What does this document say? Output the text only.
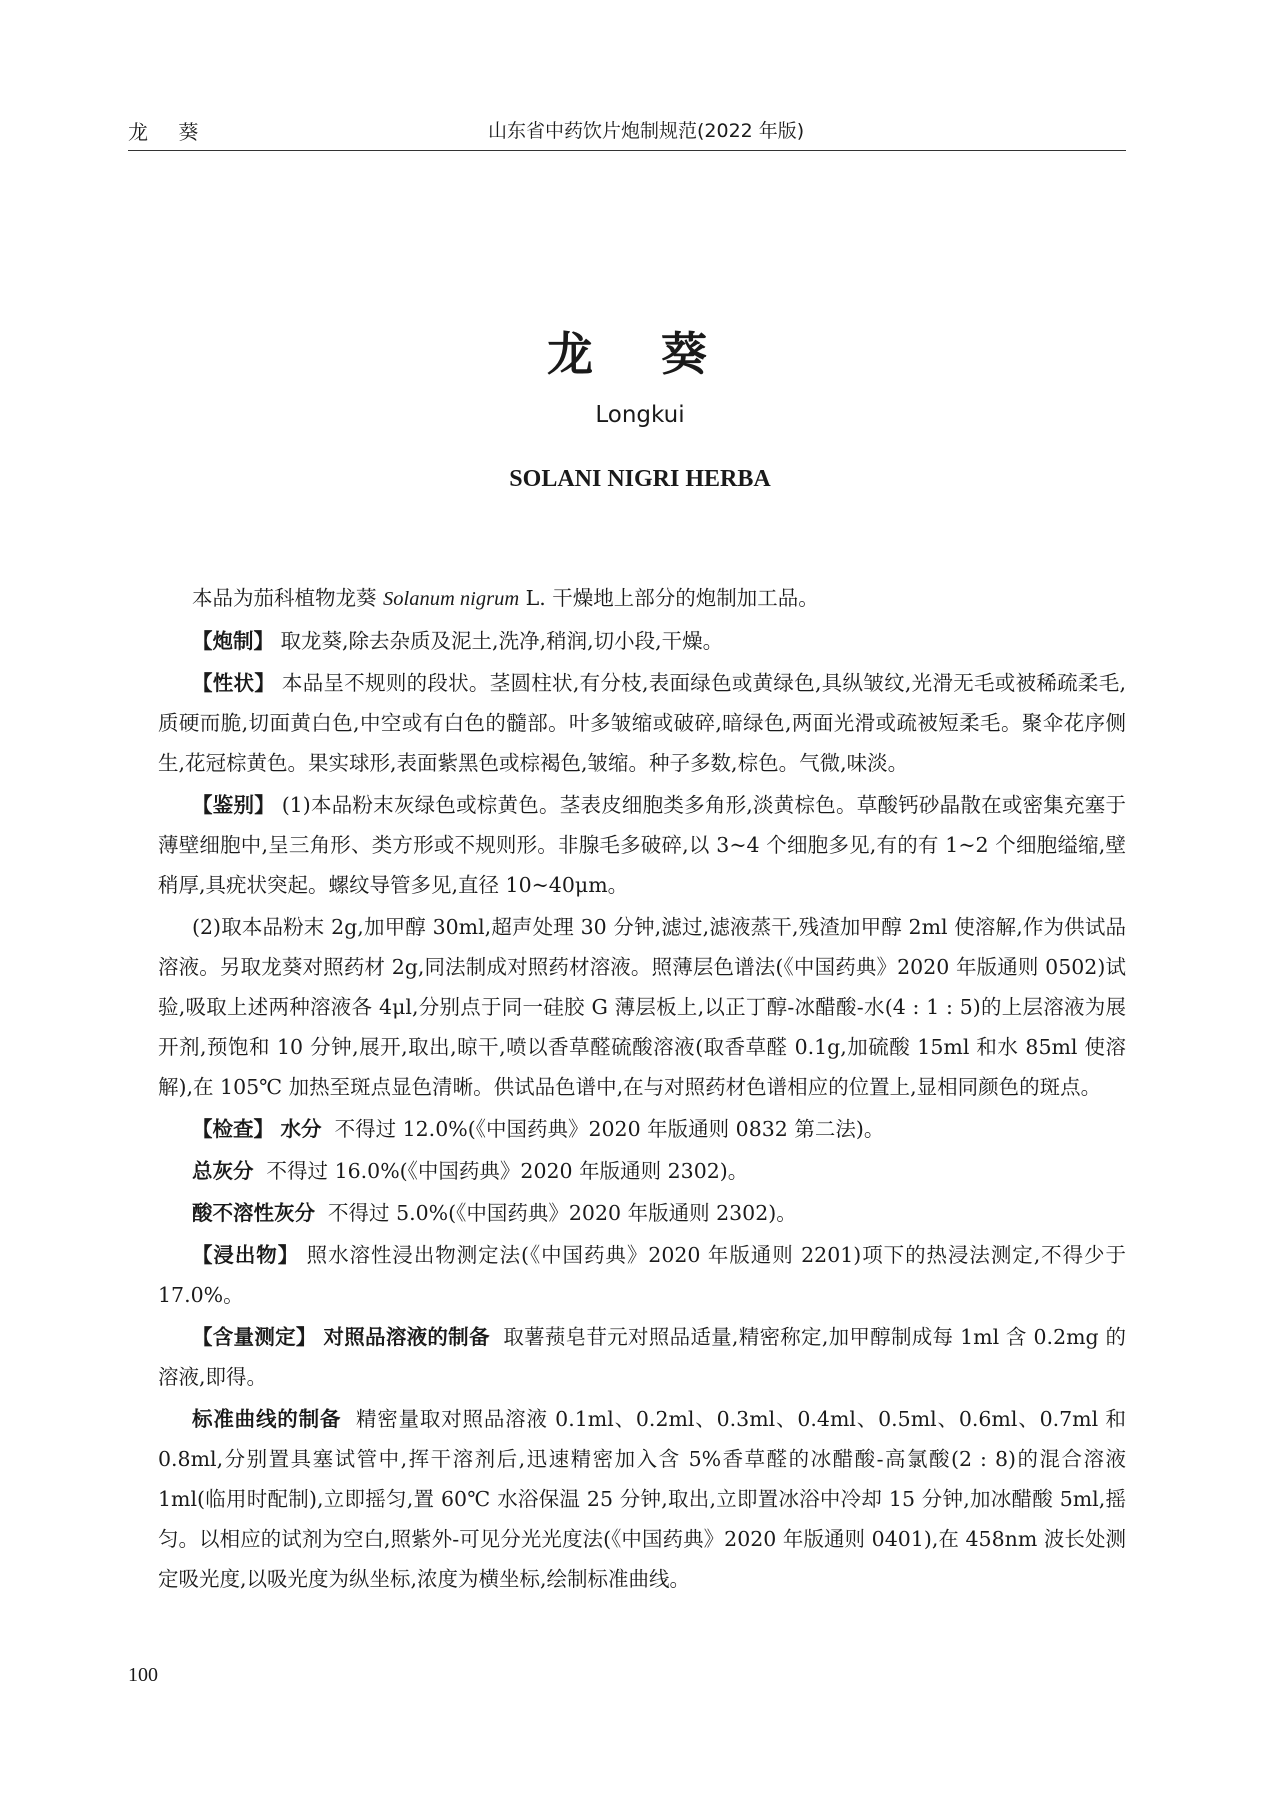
龙 葵	山东省中药饮片炮制规范(2022 年版)
龙 葵
Longkui
SOLANI NIGRI HERBA

本品为茄科植物龙葵 Solanum nigrum L. 干燥地上部分的炮制加工品。

【炮制】 取龙葵,除去杂质及泥土,洗净,稍润,切小段,干燥。

【性状】 本品呈不规则的段状。茎圆柱状,有分枝,表面绿色或黄绿色,具纵皱纹,光滑无毛或被稀疏柔毛,质硬而脆,切面黄白色,中空或有白色的髓部。叶多皱缩或破碎,暗绿色,两面光滑或疏被短柔毛。聚伞花序侧生,花冠棕黄色。果实球形,表面紫黑色或棕褐色,皱缩。种子多数,棕色。气微,味淡。

【鉴别】 (1)本品粉末灰绿色或棕黄色。茎表皮细胞类多角形,淡黄棕色。草酸钙砂晶散在或密集充塞于薄壁细胞中,呈三角形、类方形或不规则形。非腺毛多破碎,以 3~4 个细胞多见,有的有 1~2 个细胞缢缩,壁稍厚,具疣状突起。螺纹导管多见,直径 10~40μm。

(2)取本品粉末 2g,加甲醇 30ml,超声处理 30 分钟,滤过,滤液蒸干,残渣加甲醇 2ml 使溶解,作为供试品溶液。另取龙葵对照药材 2g,同法制成对照药材溶液。照薄层色谱法(《中国药典》2020 年版通则 0502)试验,吸取上述两种溶液各 4μl,分别点于同一硅胶 G 薄层板上,以正丁醇-冰醋酸-水(4 : 1 : 5)的上层溶液为展开剂,预饱和 10 分钟,展开,取出,晾干,喷以香草醛硫酸溶液(取香草醛 0.1g,加硫酸 15ml 和水 85ml 使溶解),在 105℃ 加热至斑点显色清晰。供试品色谱中,在与对照药材色谱相应的位置上,显相同颜色的斑点。

【检查】 水分 不得过 12.0%(《中国药典》2020 年版通则 0832 第二法)。

总灰分 不得过 16.0%(《中国药典》2020 年版通则 2302)。

酸不溶性灰分 不得过 5.0%(《中国药典》2020 年版通则 2302)。

【浸出物】 照水溶性浸出物测定法(《中国药典》2020 年版通则 2201)项下的热浸法测定,不得少于 17.0%。

【含量测定】 对照品溶液的制备 取薯蓣皂苷元对照品适量,精密称定,加甲醇制成每 1ml 含 0.2mg 的溶液,即得。

标准曲线的制备 精密量取对照品溶液 0.1ml、0.2ml、0.3ml、0.4ml、0.5ml、0.6ml、0.7ml 和 0.8ml,分别置具塞试管中,挥干溶剂后,迅速精密加入含 5%香草醛的冰醋酸-高氯酸(2 : 8)的混合溶液 1ml(临用时配制),立即摇匀,置 60℃ 水浴保温 25 分钟,取出,立即置冰浴中冷却 15 分钟,加冰醋酸 5ml,摇匀。以相应的试剂为空白,照紫外-可见分光光度法(《中国药典》2020 年版通则 0401),在 458nm 波长处测定吸光度,以吸光度为纵坐标,浓度为横坐标,绘制标准曲线。

100
